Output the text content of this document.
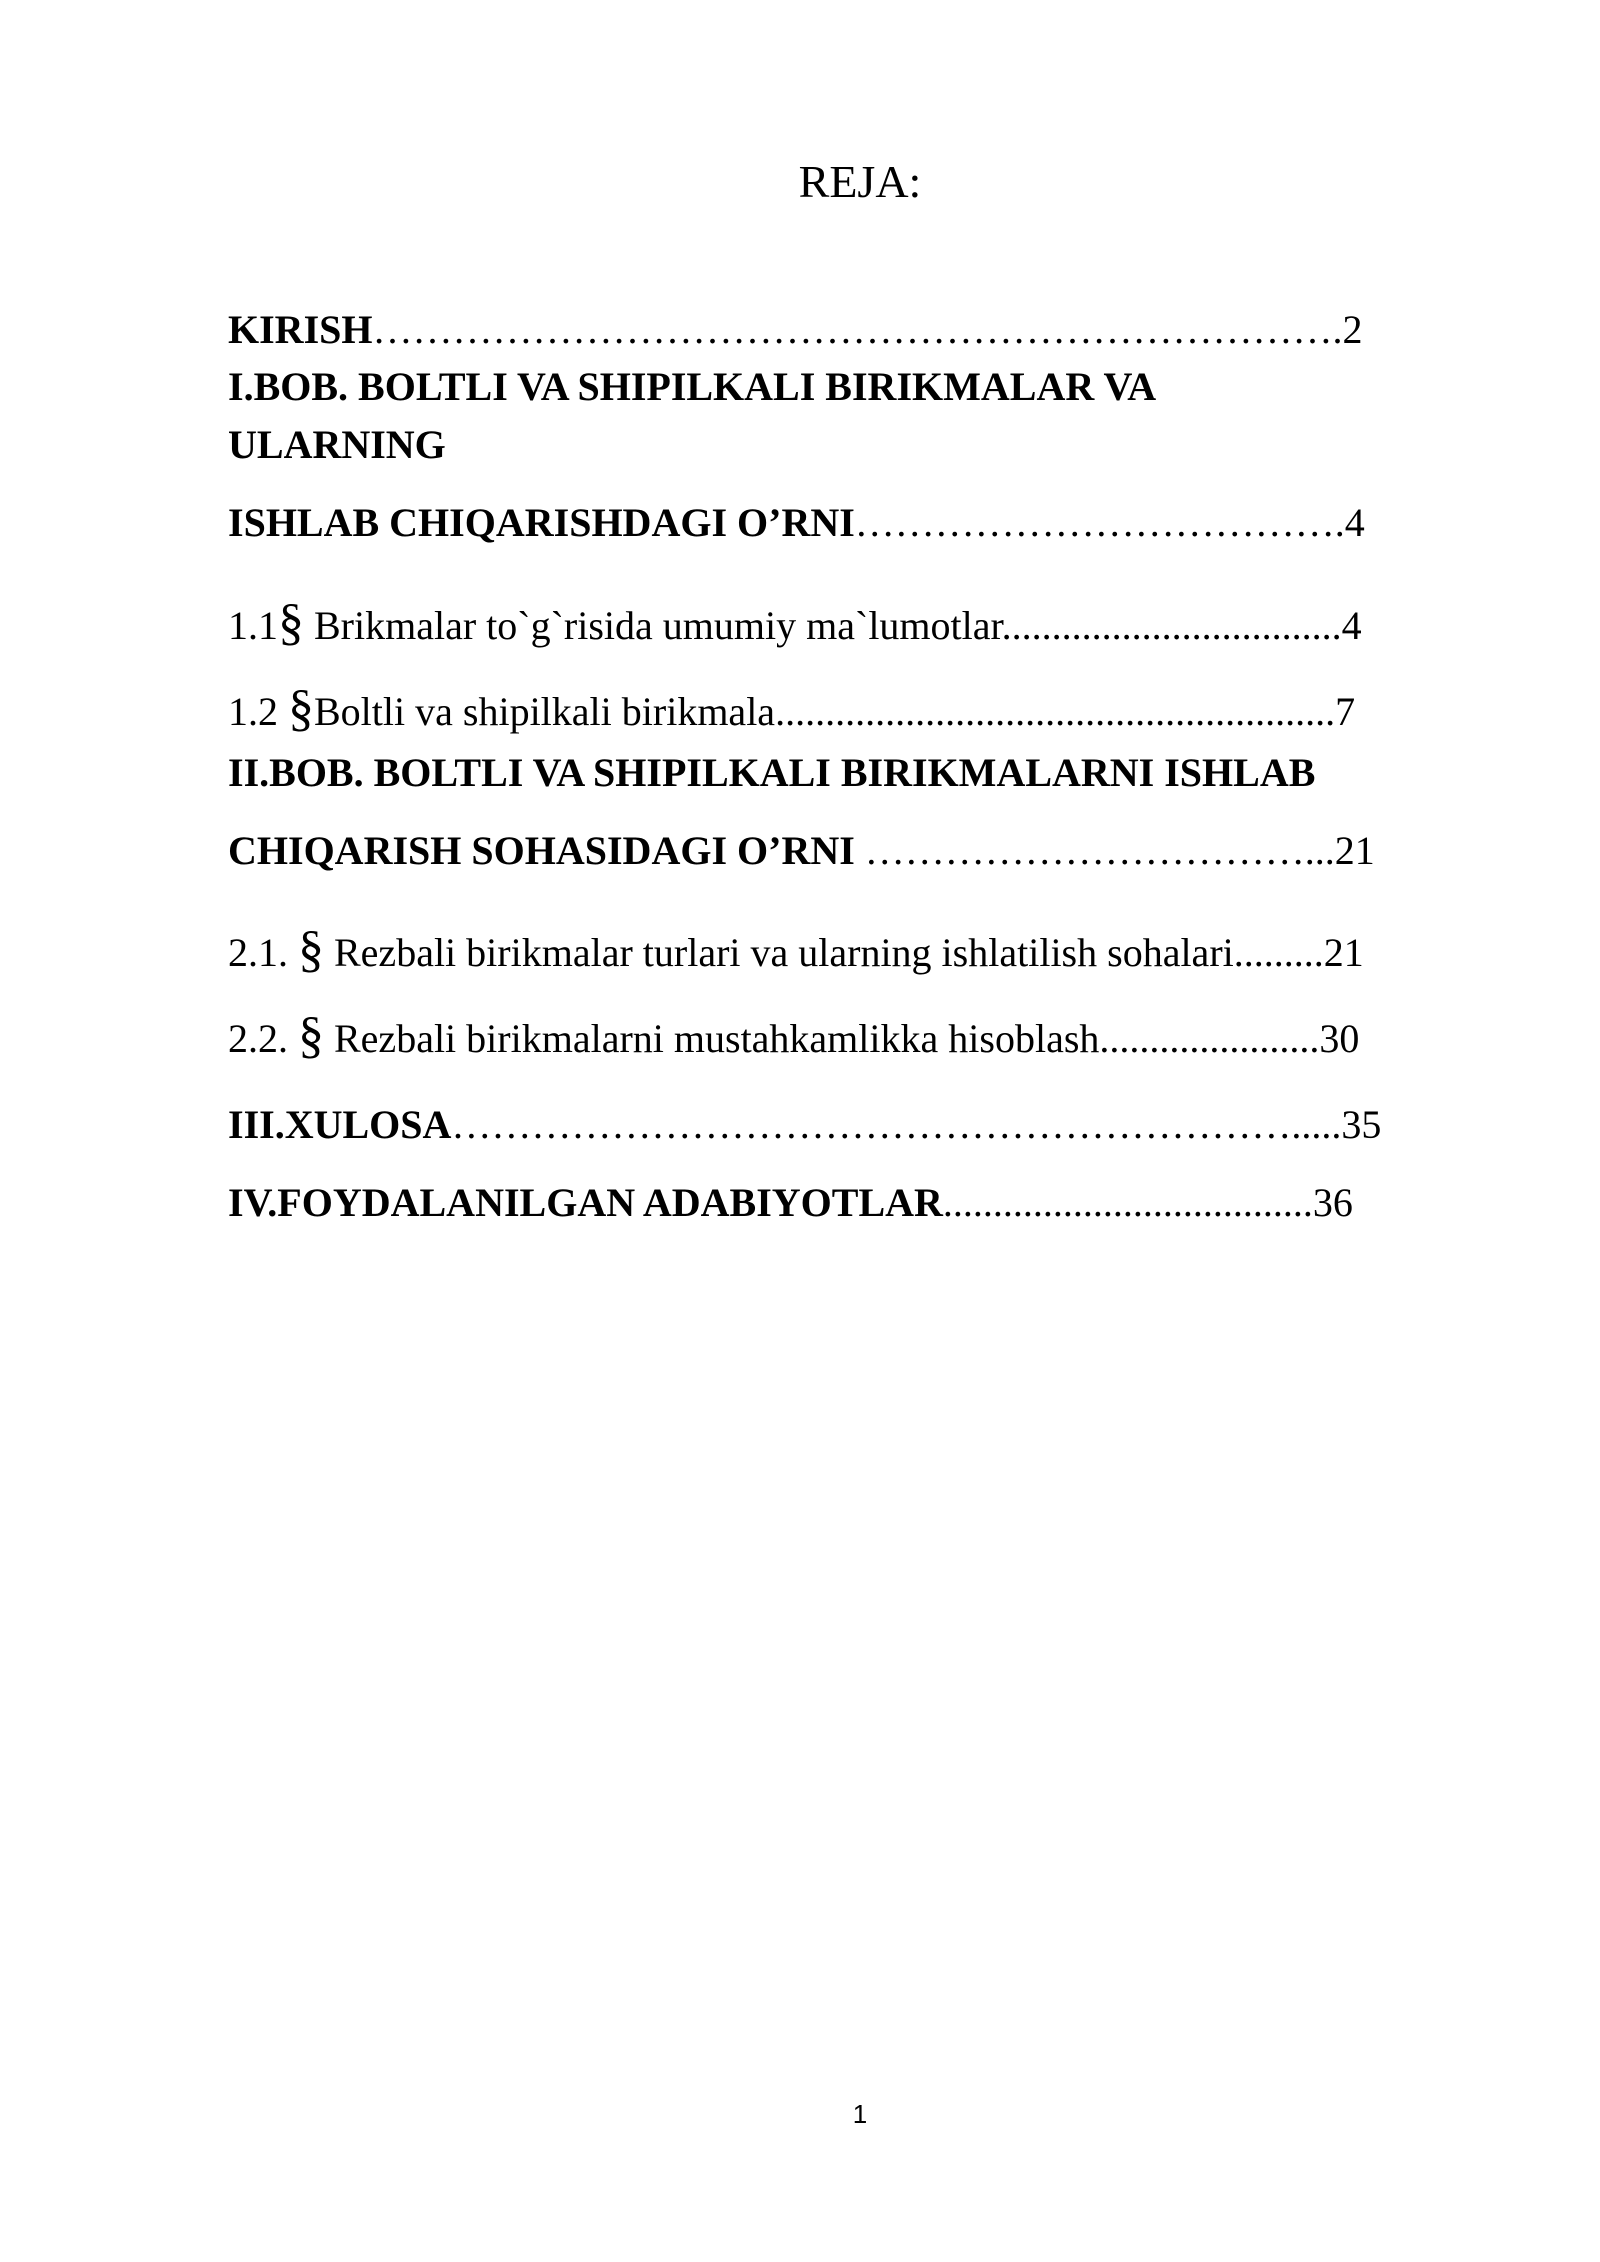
REJA:
KIRISH……………………………………………………………….2
I.BOB. BOLTLI VA SHIPILKALI BIRIKMALAR VA
ULARNING
ISHLAB CHIQARISHDAGI O’RNI……………………………….4
1.1§ Brikmalar to`g`risida umumiy ma`lumotlar..................................4
1.2 §Boltli va shipilkali birikmala........................................................7
II.BOB. BOLTLI VA SHIPILKALI BIRIKMALARNI ISHLAB
CHIQARISH SOHASIDAGI O’RNI ……………………………...21
2.1. § Rezbali birikmalar turlari va ularning ishlatilish sohalari.........21
2.2. § Rezbali birikmalarni mustahkamlikka hisoblash......................30
III.XULOSA……………………………………………………….....35
IV.FOYDALANILGAN ADABIYOTLAR.....................................36
1
